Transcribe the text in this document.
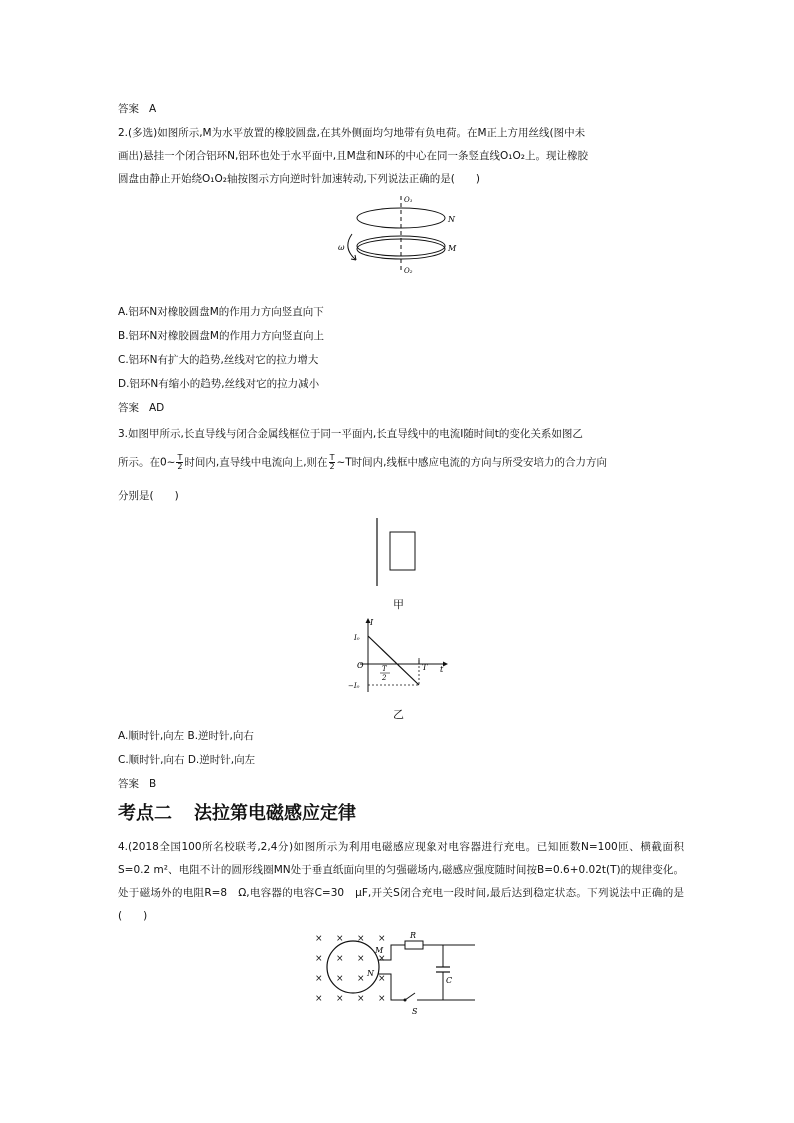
答案 A
2.(多选)如图所示,M为水平放置的橡胶圆盘,在其外侧面均匀地带有负电荷。在M正上方用丝线(图中未
画出)悬挂一个闭合铝环N,铝环也处于水平面中,且M盘和N环的中心在同一条竖直线O₁O₂上。现让橡胶
圆盘由静止开始绕O₁O₂轴按图示方向逆时针加速转动,下列说法正确的是(　　)
O₁
O₂
N
M
ω
A.铝环N对橡胶圆盘M的作用力方向竖直向下
B.铝环N对橡胶圆盘M的作用力方向竖直向上
C.铝环N有扩大的趋势,丝线对它的拉力增大
D.铝环N有缩小的趋势,丝线对它的拉力减小
答案 AD
3.如图甲所示,长直导线与闭合金属线框位于同一平面内,长直导线中的电流I随时间t的变化关系如图乙
所示。在0~ $\frac{T}{2}$ 时间内,直导线中电流向上,则在 $\frac{T}{2}$ ~T时间内,线框中感应电流的方向与所受安培力的合力方向
分别是(　　)
甲
I
t
I₀
−I₀
O	T
2
T
乙
A.顺时针,向左 B.逆时针,向右
C.顺时针,向右 D.逆时针,向左
答案 B
考点二 法拉第电磁感应定律
4.(2018全国100所名校联考,2,4分)如图所示为利用电磁感应现象对电容器进行充电。已知匝数N=100匝、横截面积S=0.2 m²、电阻不计的圆形线圈MN处于垂直纸面向里的匀强磁场内,磁感应强度随时间按B=0.6+0.02t(T)的规律变化。处于磁场外的电阻R=8　Ω,电容器的电容C=30　μF,开关S闭合充电一段时间,最后达到稳定状态。下列说法中正确的是(　　)
× × × ×
× × × ×
× × × ×
× × × ×
M
N
R
C
S
